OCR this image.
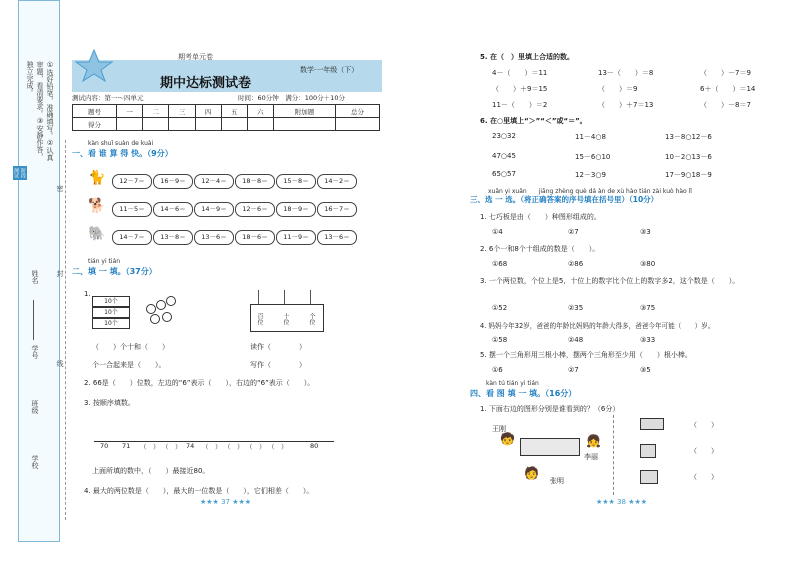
阶段测试
①选好铅笔，准确填写。②认真审题，看清要求。③安静作答，独立完成。
姓名
学号
班级
学校
密
封
线
期考单元卷
期中达标测试卷
数学·一年级（下）
测试内容：第一～四单元	时间：60分钟　满分：100分＋10分
题号	一	二	三	四	五	六	附加题	总分
得分								
kàn shuǐ suàn de kuài
一、看 谁 算 得 快。（9分）
🐈
🐕
🐘
12－7＝	16－9＝	12－4＝	18－8＝	15－8＝	14－2＝
11－5＝	14－6＝	14－9＝	12－6＝	18－9＝	16－7＝
14－7＝	13－8＝	13－6＝	18－6＝	11－9＝	13－6＝
tián yi tián
二、填 一 填。（37分）
1.
10个
10个
10个	百位	十位	个位
（　　）个十和（　　）	读作（　　　　）
个一合起来是（　　）。	写作（　　　　）
2. 66是（　　）位数，左边的“6”表示（　　），右边的“6”表示（　　）。
3. 按顺序填数。
70 71 （　） （　） 74 （　） （　） （　） （　）	80
上面所填的数中，（　　）最接近80。
4. 最大的两位数是（　　），最大的一位数是（　　），它们相差（　　）。
★★★ 37 ★★★
5. 在（　）里填上合适的数。
4－（　　）＝11	13－（　　）＝8	（　　）－7＝9
（　　）＋9＝15	（　　）＝9	6＋（　　）＝14
11－（　　）＝2	（　　）＋7＝13	（　　）－8＝7
6. 在○里填上“＞”“＜”或“＝”。
23○32	11－4○8	13－8○12－6
47○45	15－6○10	10－2○13－6
65○57	12－3○9	17－9○18－9
xuǎn yi xuǎn　　jiāng zhèng què dá àn de xù hào tián zài kuò hào lǐ
三、选 一 选。（将正确答案的序号填在括号里）（10分）
1. 七巧板是由（　　）种图形组成的。
①4	②7	③3
2. 6个一和8个十组成的数是（　　）。
①68	②86	③80
3. 一个两位数，个位上是5，十位上的数字比个位上的数字多2，这个数是（　　）。
①52	②35	③75
4. 妈妈今年32岁，爸爸的年龄比妈妈的年龄大得多，爸爸今年可能（　　）岁。
①58	②48	③33
5. 摆一个三角形用三根小棒，摆两个三角形至少用（　　）根小棒。
①6	②7	③5
kàn tú tián yi tián
四、看 图 填 一 填。（16分）
1. 下面右边的图形分别是谁看到的？（6分）
王刚
🧒	👧
李丽
🧑
张明
（　　）
（　　）
（　　）
★★★ 38 ★★★
